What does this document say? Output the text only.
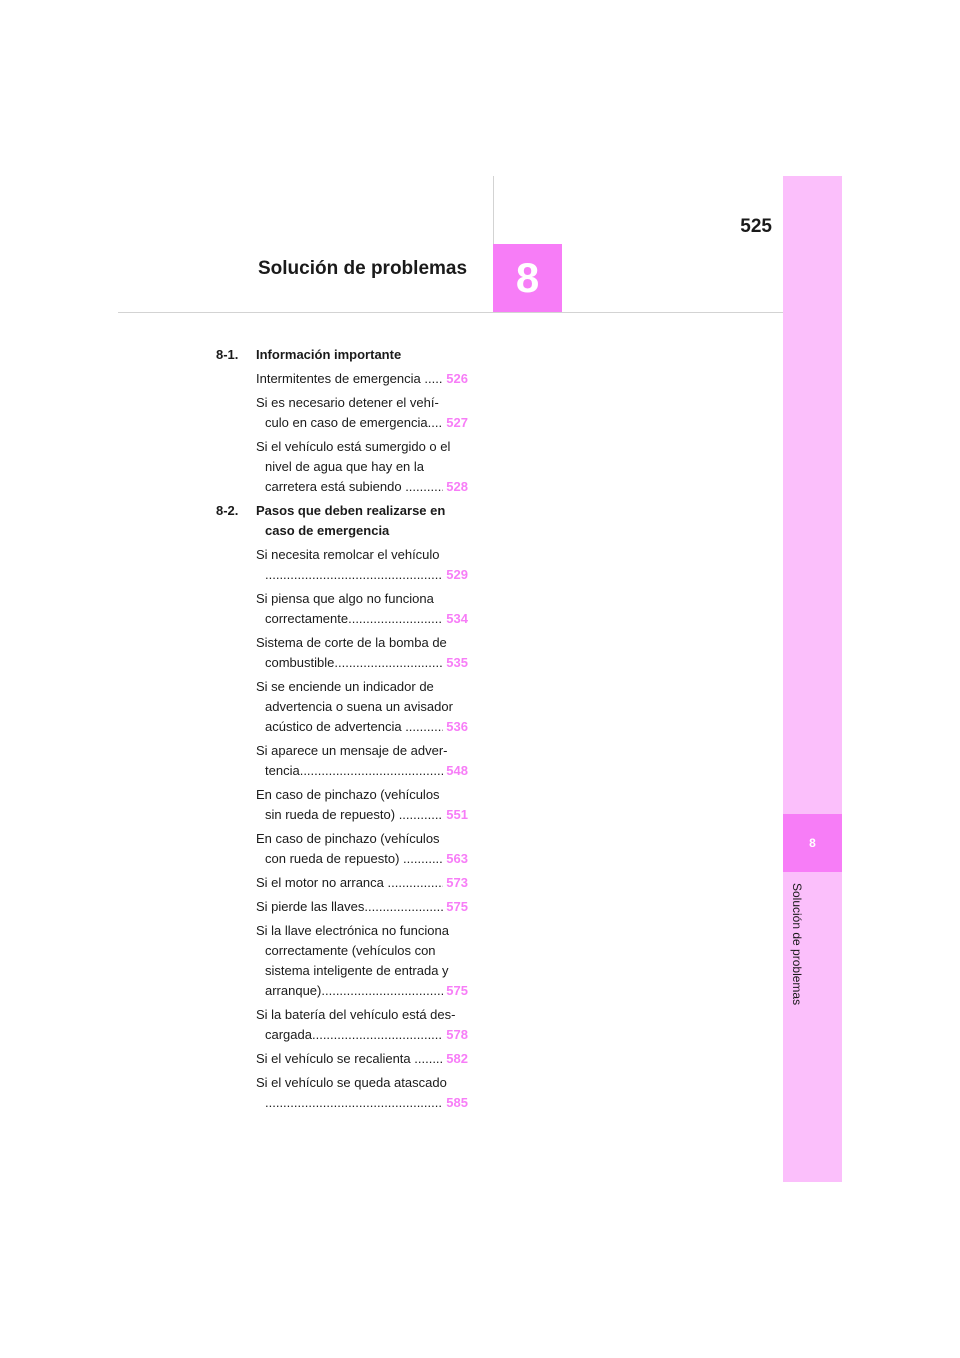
525
Solución de problemas	8
8
Solución de problemas
8-1.	Información importante
Intermitentes de emergencia . ..... 526
Si es necesario detener el vehí-
culo en caso de emergencia ..... 527
Si el vehículo está sumergido o el
nivel de agua que hay en la
carretera está subiendo ...... ..... 528
8-2.	Pasos que deben realizarse en
caso de emergencia
Si necesita remolcar el vehículo
.....
529
Si piensa que algo no funciona
correctamente .....	534
Sistema de corte de la bomba de
combustible .....	535
Si se enciende un indicador de
advertencia o suena un avisador
acústico de advertencia ...... ..... 536
Si aparece un mensaje de adver-
tencia .....	548
En caso de pinchazo (vehículos
sin rueda de repuesto) ........ ..... 551
En caso de pinchazo (vehículos
con rueda de repuesto) ....... ..... 563
Si el motor no arranca ........... ..... 573
Si pierde las llaves .....	575
Si la llave electrónica no funciona
correctamente (vehículos con
sistema inteligente de entrada y
arranque) .....	575
Si la batería del vehículo está des-
cargada .....	578
Si el vehículo se recalienta .... ..... 582
Si el vehículo se queda atascado
.....
585
